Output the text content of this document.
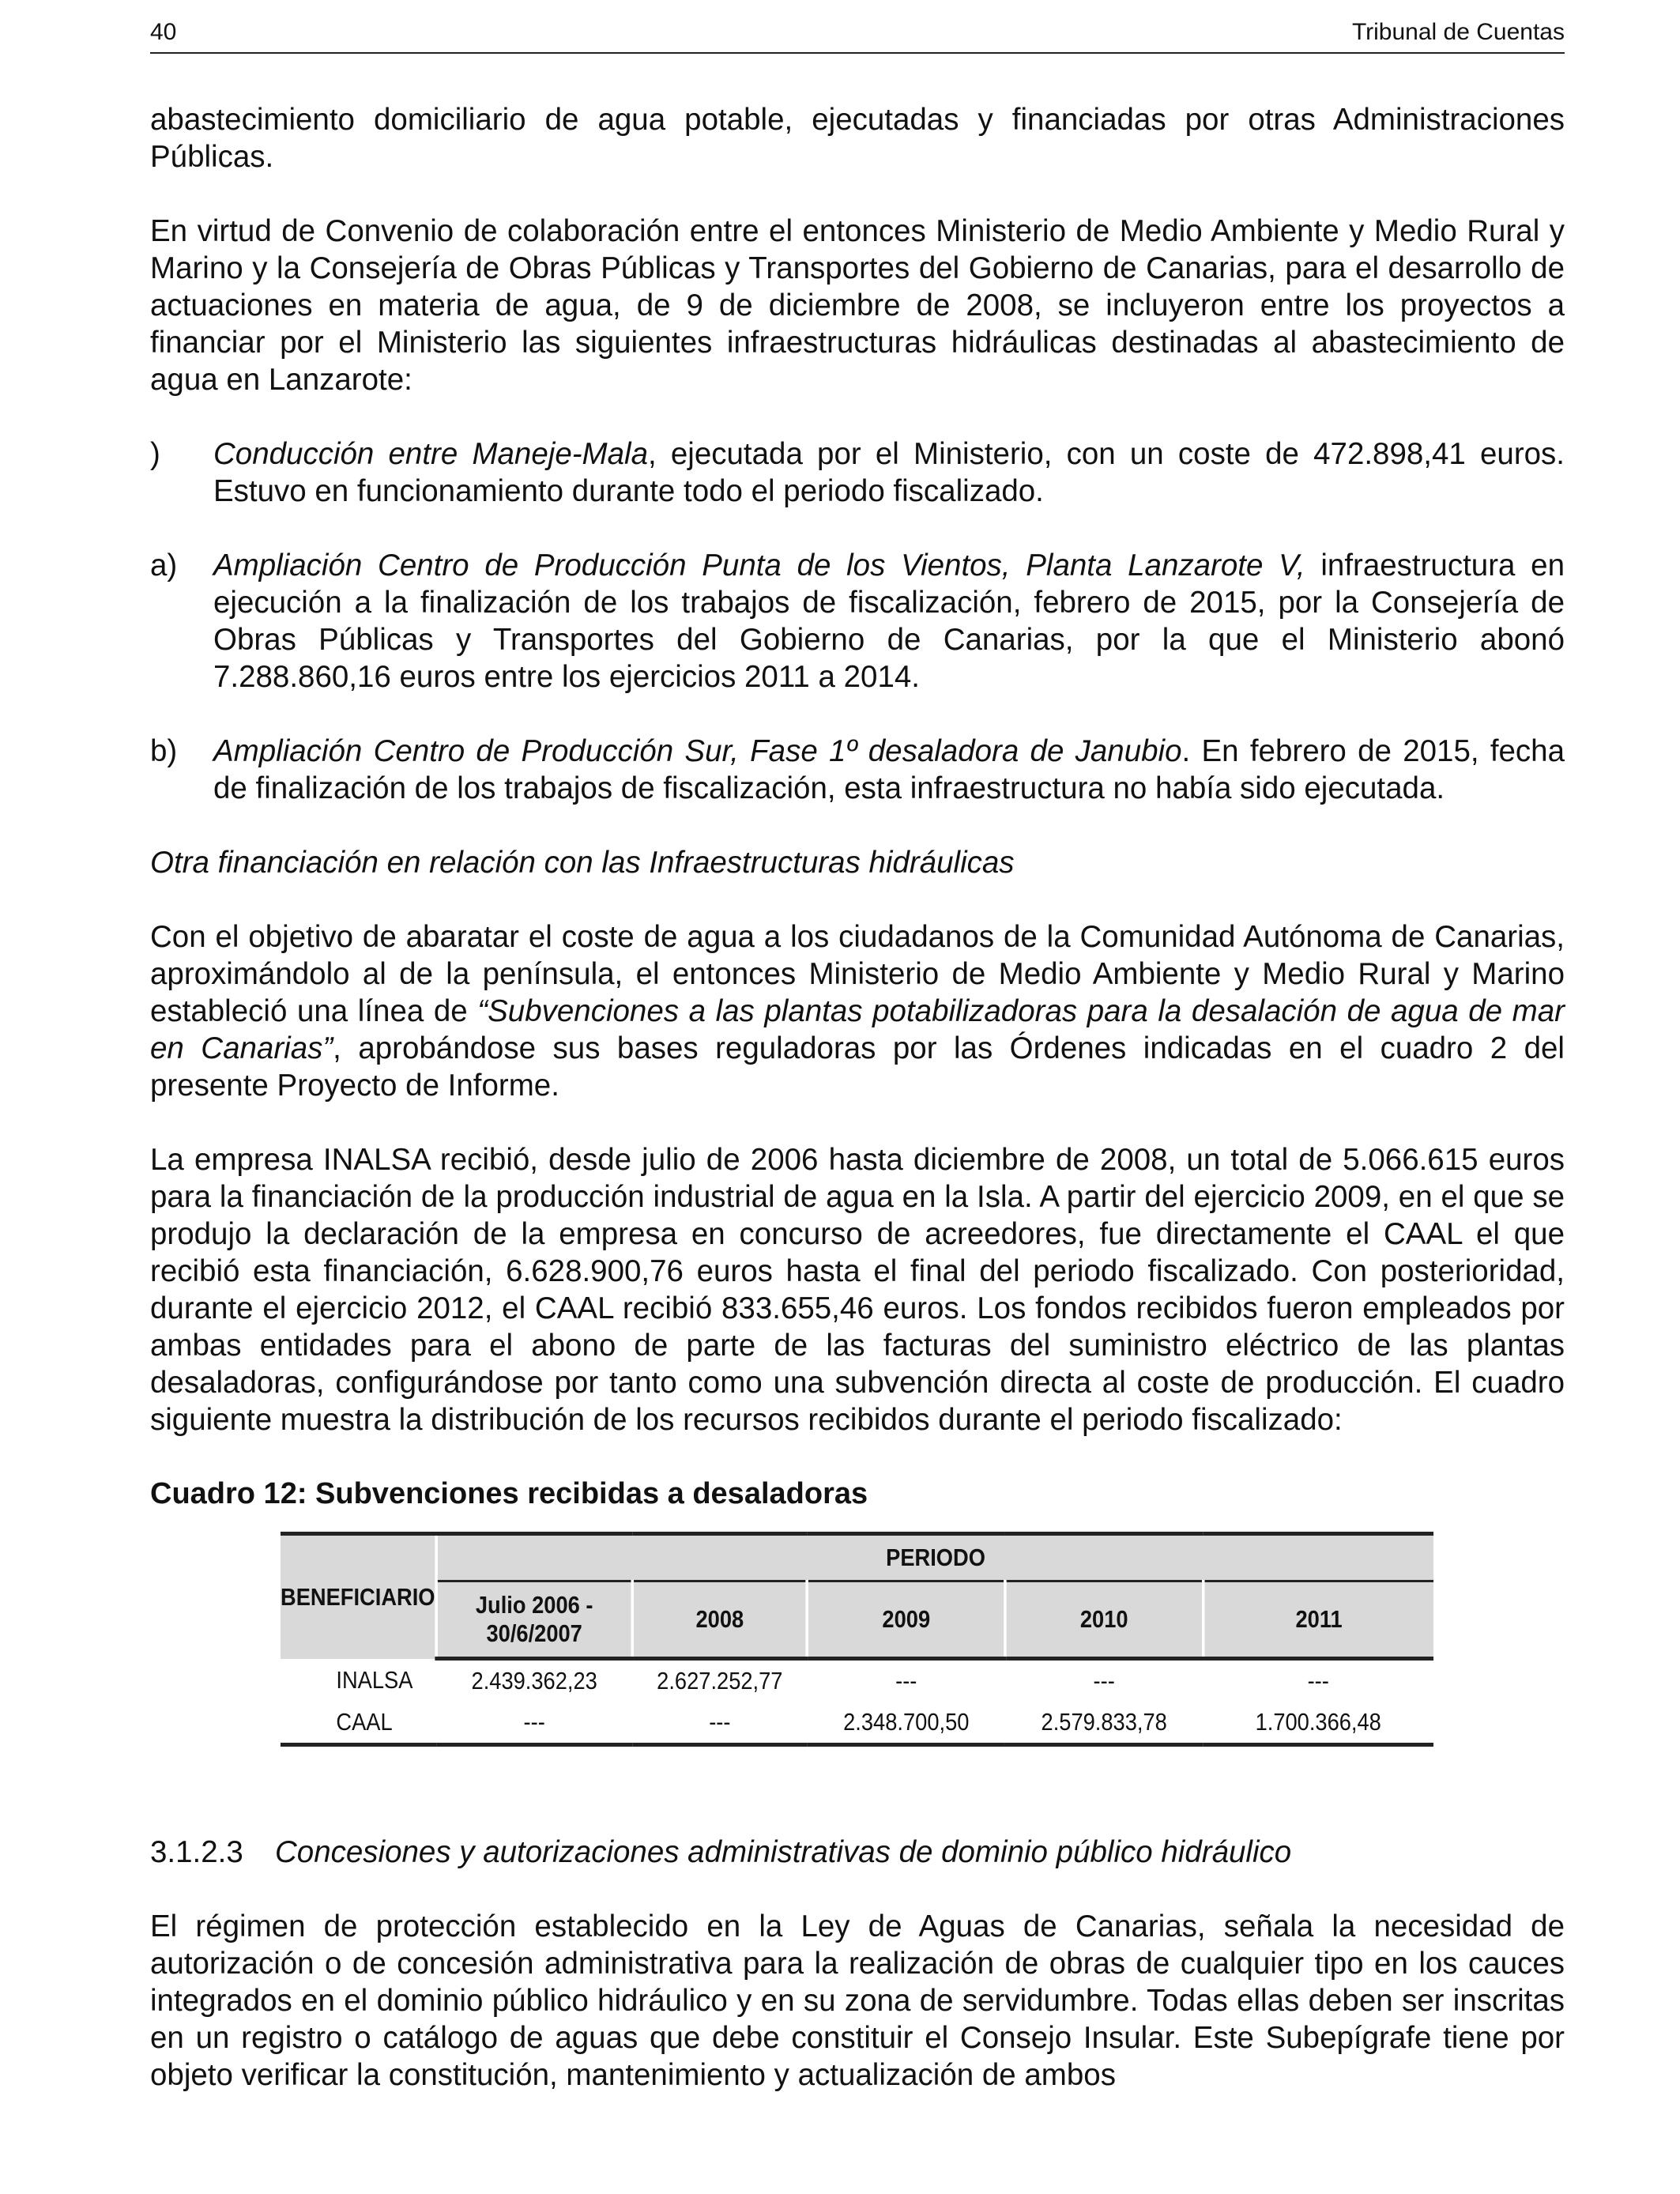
40	Tribunal de Cuentas

abastecimiento domiciliario de agua potable, ejecutadas y financiadas por otras Administraciones Públicas.

En virtud de Convenio de colaboración entre el entonces Ministerio de Medio Ambiente y Medio Rural y Marino y la Consejería de Obras Públicas y Transportes del Gobierno de Canarias, para el desarrollo de actuaciones en materia de agua, de 9 de diciembre de 2008, se incluyeron entre los proyectos a financiar por el Ministerio las siguientes infraestructuras hidráulicas destinadas al abastecimiento de agua en Lanzarote:

) Conducción entre Maneje-Mala, ejecutada por el Ministerio, con un coste de 472.898,41 euros. Estuvo en funcionamiento durante todo el periodo fiscalizado.

a) Ampliación Centro de Producción Punta de los Vientos, Planta Lanzarote V, infraestructura en ejecución a la finalización de los trabajos de fiscalización, febrero de 2015, por la Consejería de Obras Públicas y Transportes del Gobierno de Canarias, por la que el Ministerio abonó 7.288.860,16 euros entre los ejercicios 2011 a 2014.

b) Ampliación Centro de Producción Sur, Fase 1º desaladora de Janubio. En febrero de 2015, fecha de finalización de los trabajos de fiscalización, esta infraestructura no había sido ejecutada.

Otra financiación en relación con las Infraestructuras hidráulicas

Con el objetivo de abaratar el coste de agua a los ciudadanos de la Comunidad Autónoma de Canarias, aproximándolo al de la península, el entonces Ministerio de Medio Ambiente y Medio Rural y Marino estableció una línea de “Subvenciones a las plantas potabilizadoras para la desalación de agua de mar en Canarias”, aprobándose sus bases reguladoras por las Órdenes indicadas en el cuadro 2 del presente Proyecto de Informe.

La empresa INALSA recibió, desde julio de 2006 hasta diciembre de 2008, un total de 5.066.615 euros para la financiación de la producción industrial de agua en la Isla. A partir del ejercicio 2009, en el que se produjo la declaración de la empresa en concurso de acreedores, fue directamente el CAAL el que recibió esta financiación, 6.628.900,76 euros hasta el final del periodo fiscalizado. Con posterioridad, durante el ejercicio 2012, el CAAL recibió 833.655,46 euros. Los fondos recibidos fueron empleados por ambas entidades para el abono de parte de las facturas del suministro eléctrico de las plantas desaladoras, configurándose por tanto como una subvención directa al coste de producción. El cuadro siguiente muestra la distribución de los recursos recibidos durante el periodo fiscalizado:

Cuadro 12: Subvenciones recibidas a desaladoras
BENEFICIARIO	PERIODO				

	Julio 2006 -
30/6/2007	2008	2009	2010	2011
INALSA	2.439.362,23	2.627.252,77	---	---	---
CAAL	---	---	2.348.700,50	2.579.833,78	1.700.366,48
3.1.2.3 Concesiones y autorizaciones administrativas de dominio público hidráulico

El régimen de protección establecido en la Ley de Aguas de Canarias, señala la necesidad de autorización o de concesión administrativa para la realización de obras de cualquier tipo en los cauces integrados en el dominio público hidráulico y en su zona de servidumbre. Todas ellas deben ser inscritas en un registro o catálogo de aguas que debe constituir el Consejo Insular. Este Subepígrafe tiene por objeto verificar la constitución, mantenimiento y actualización de ambos
